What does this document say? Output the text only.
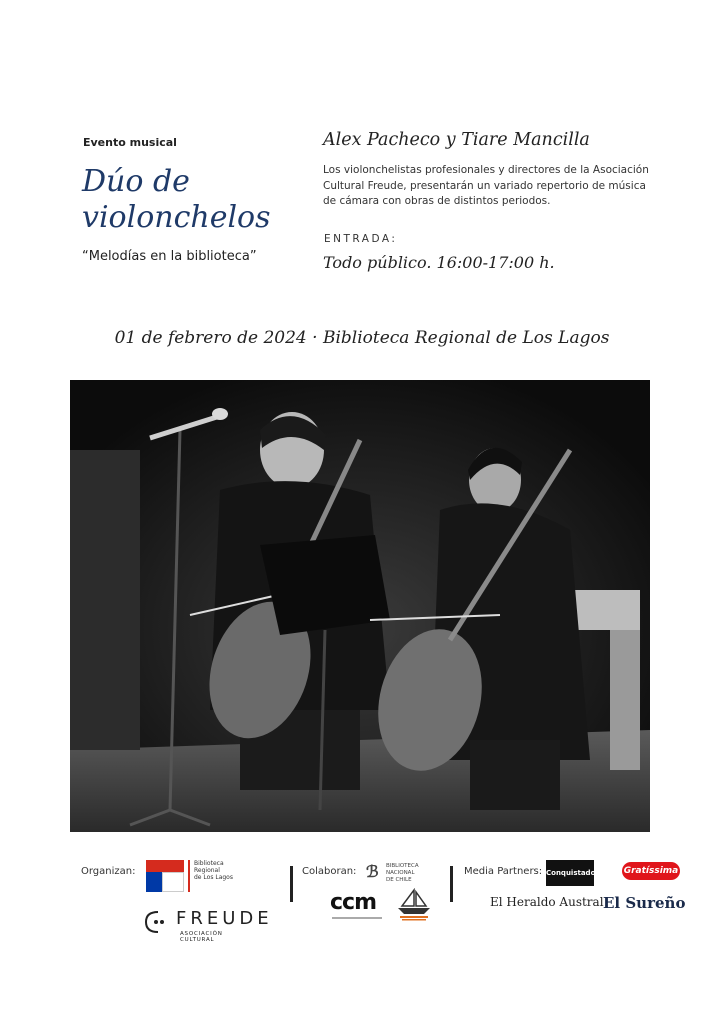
Evento musical
Dúo de
violonchelos
“Melodías en la biblioteca”
Alex Pacheco y Tiare Mancilla
Los violonchelistas profesionales y directores de la Asociación Cultural Freude, presentarán un variado repertorio de música de cámara con obras de distintos periodos.
ENTRADA:
Todo público. 16:00-17:00 h.
01 de febrero de 2024 · Biblioteca Regional de Los Lagos
Organizan:
Biblioteca
Regional
de Los Lagos
FREUDE
ASOCIACIÓN CULTURAL
Colaboran: ℬ BIBLIOTECA
NACIONAL
DE CHILE
ccm
Media Partners: Conquistador	Gratíssima
El Heraldo Austral El Sureño
